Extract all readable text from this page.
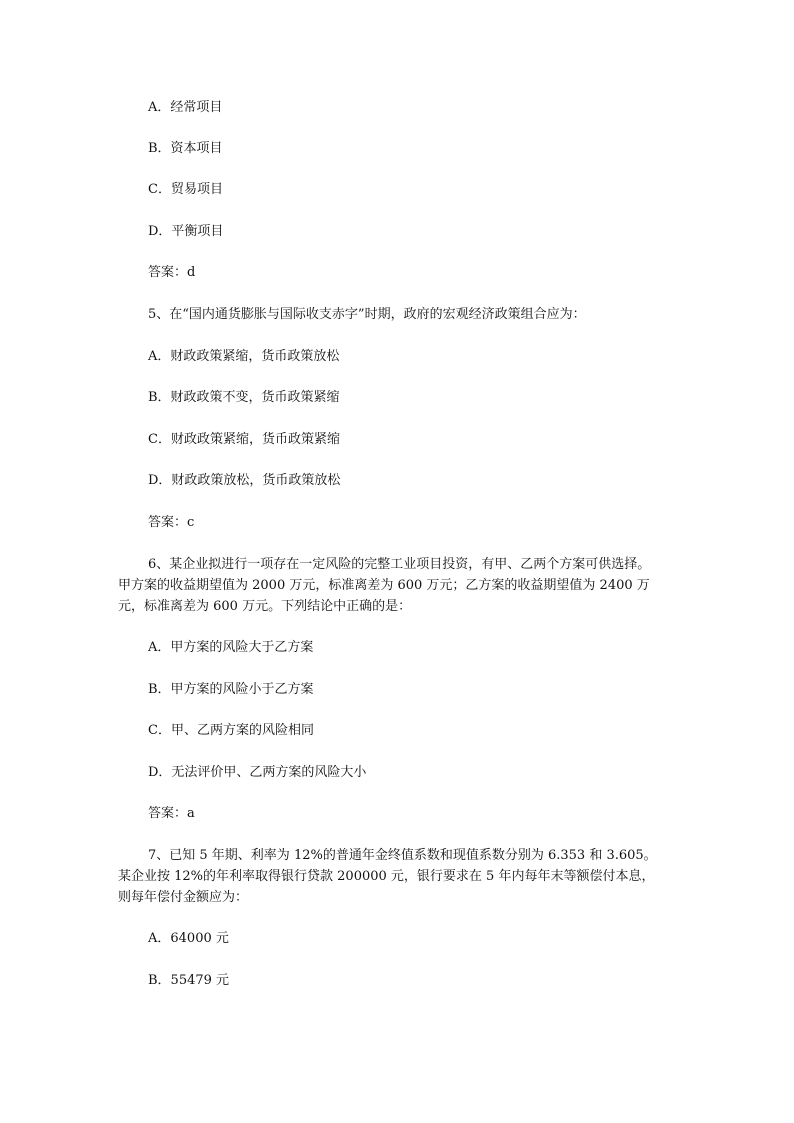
A．经常项目
B．资本项目
C．贸易项目
D．平衡项目
答案：d
5、在“国内通货膨胀与国际收支赤字”时期，政府的宏观经济政策组合应为：
A．财政政策紧缩，货币政策放松
B．财政政策不变，货币政策紧缩
C．财政政策紧缩，货币政策紧缩
D．财政政策放松，货币政策放松
答案：c
6、某企业拟进行一项存在一定风险的完整工业项目投资，有甲、乙两个方案可供选择。
甲方案的收益期望值为 2000 万元，标准离差为 600 万元；乙方案的收益期望值为 2400 万
元，标准离差为 600 万元。下列结论中正确的是：
A．甲方案的风险大于乙方案
B．甲方案的风险小于乙方案
C．甲、乙两方案的风险相同
D．无法评价甲、乙两方案的风险大小
答案：a
7、已知 5 年期、利率为 12%的普通年金终值系数和现值系数分别为 6.353 和 3.605。
某企业按 12%的年利率取得银行贷款 200000 元，银行要求在 5 年内每年末等额偿付本息，
则每年偿付金额应为：
A．64000 元
B．55479 元
